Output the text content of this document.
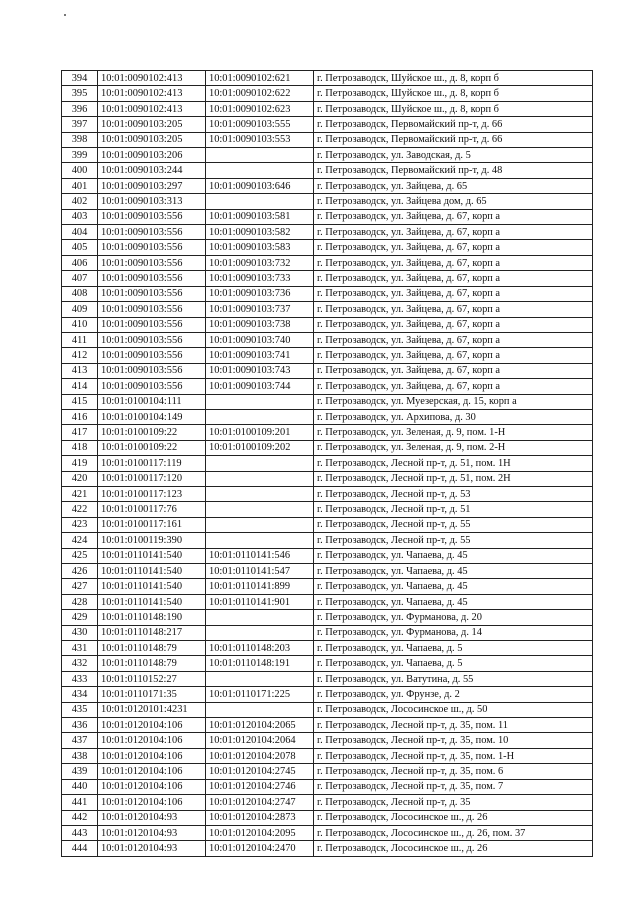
394	10:01:0090102:413	10:01:0090102:621	г. Петрозаводск, Шуйское ш., д. 8, корп б
395	10:01:0090102:413	10:01:0090102:622	г. Петрозаводск, Шуйское ш., д. 8, корп б
396	10:01:0090102:413	10:01:0090102:623	г. Петрозаводск, Шуйское ш., д. 8, корп б
397	10:01:0090103:205	10:01:0090103:555	г. Петрозаводск, Первомайский пр-т, д. 66
398	10:01:0090103:205	10:01:0090103:553	г. Петрозаводск, Первомайский пр-т, д. 66
399	10:01:0090103:206		г. Петрозаводск, ул. Заводская, д. 5
400	10:01:0090103:244		г. Петрозаводск, Первомайский пр-т, д. 48
401	10:01:0090103:297	10:01:0090103:646	г. Петрозаводск, ул. Зайцева, д. 65
402	10:01:0090103:313		г. Петрозаводск, ул. Зайцева дом, д. 65
403	10:01:0090103:556	10:01:0090103:581	г. Петрозаводск, ул. Зайцева, д. 67, корп а
404	10:01:0090103:556	10:01:0090103:582	г. Петрозаводск, ул. Зайцева, д. 67, корп а
405	10:01:0090103:556	10:01:0090103:583	г. Петрозаводск, ул. Зайцева, д. 67, корп а
406	10:01:0090103:556	10:01:0090103:732	г. Петрозаводск, ул. Зайцева, д. 67, корп а
407	10:01:0090103:556	10:01:0090103:733	г. Петрозаводск, ул. Зайцева, д. 67, корп а
408	10:01:0090103:556	10:01:0090103:736	г. Петрозаводск, ул. Зайцева, д. 67, корп а
409	10:01:0090103:556	10:01:0090103:737	г. Петрозаводск, ул. Зайцева, д. 67, корп а
410	10:01:0090103:556	10:01:0090103:738	г. Петрозаводск, ул. Зайцева, д. 67, корп а
411	10:01:0090103:556	10:01:0090103:740	г. Петрозаводск, ул. Зайцева, д. 67, корп а
412	10:01:0090103:556	10:01:0090103:741	г. Петрозаводск, ул. Зайцева, д. 67, корп а
413	10:01:0090103:556	10:01:0090103:743	г. Петрозаводск, ул. Зайцева, д. 67, корп а
414	10:01:0090103:556	10:01:0090103:744	г. Петрозаводск, ул. Зайцева, д. 67, корп а
415	10:01:0100104:111		г. Петрозаводск, ул. Муезерская, д. 15, корп а
416	10:01:0100104:149		г. Петрозаводск, ул. Архипова, д. 30
417	10:01:0100109:22	10:01:0100109:201	г. Петрозаводск, ул. Зеленая, д. 9, пом. 1-Н
418	10:01:0100109:22	10:01:0100109:202	г. Петрозаводск, ул. Зеленая, д. 9, пом. 2-Н
419	10:01:0100117:119		г. Петрозаводск, Лесной пр-т, д. 51, пом. 1Н
420	10:01:0100117:120		г. Петрозаводск, Лесной пр-т, д. 51, пом. 2Н
421	10:01:0100117:123		г. Петрозаводск, Лесной пр-т, д. 53
422	10:01:0100117:76		г. Петрозаводск, Лесной пр-т, д. 51
423	10:01:0100117:161		г. Петрозаводск, Лесной пр-т, д. 55
424	10:01:0100119:390		г. Петрозаводск, Лесной пр-т, д. 55
425	10:01:0110141:540	10:01:0110141:546	г. Петрозаводск, ул. Чапаева, д. 45
426	10:01:0110141:540	10:01:0110141:547	г. Петрозаводск, ул. Чапаева, д. 45
427	10:01:0110141:540	10:01:0110141:899	г. Петрозаводск, ул. Чапаева, д. 45
428	10:01:0110141:540	10:01:0110141:901	г. Петрозаводск, ул. Чапаева, д. 45
429	10:01:0110148:190		г. Петрозаводск, ул. Фурманова, д. 20
430	10:01:0110148:217		г. Петрозаводск, ул. Фурманова, д. 14
431	10:01:0110148:79	10:01:0110148:203	г. Петрозаводск, ул. Чапаева, д. 5
432	10:01:0110148:79	10:01:0110148:191	г. Петрозаводск, ул. Чапаева, д. 5
433	10:01:0110152:27		г. Петрозаводск, ул. Ватутина, д. 55
434	10:01:0110171:35	10:01:0110171:225	г. Петрозаводск, ул. Фрунзе, д. 2
435	10:01:0120101:4231		г. Петрозаводск, Лососинское ш., д. 50
436	10:01:0120104:106	10:01:0120104:2065	г. Петрозаводск, Лесной пр-т, д. 35, пом. 11
437	10:01:0120104:106	10:01:0120104:2064	г. Петрозаводск, Лесной пр-т, д. 35, пом. 10
438	10:01:0120104:106	10:01:0120104:2078	г. Петрозаводск, Лесной пр-т, д. 35, пом. 1-Н
439	10:01:0120104:106	10:01:0120104:2745	г. Петрозаводск, Лесной пр-т, д. 35, пом. 6
440	10:01:0120104:106	10:01:0120104:2746	г. Петрозаводск, Лесной пр-т, д. 35, пом. 7
441	10:01:0120104:106	10:01:0120104:2747	г. Петрозаводск, Лесной пр-т, д. 35
442	10:01:0120104:93	10:01:0120104:2873	г. Петрозаводск, Лососинское ш., д. 26
443	10:01:0120104:93	10:01:0120104:2095	г. Петрозаводск, Лососинское ш., д. 26, пом. 37
444	10:01:0120104:93	10:01:0120104:2470	г. Петрозаводск, Лососинское ш., д. 26
